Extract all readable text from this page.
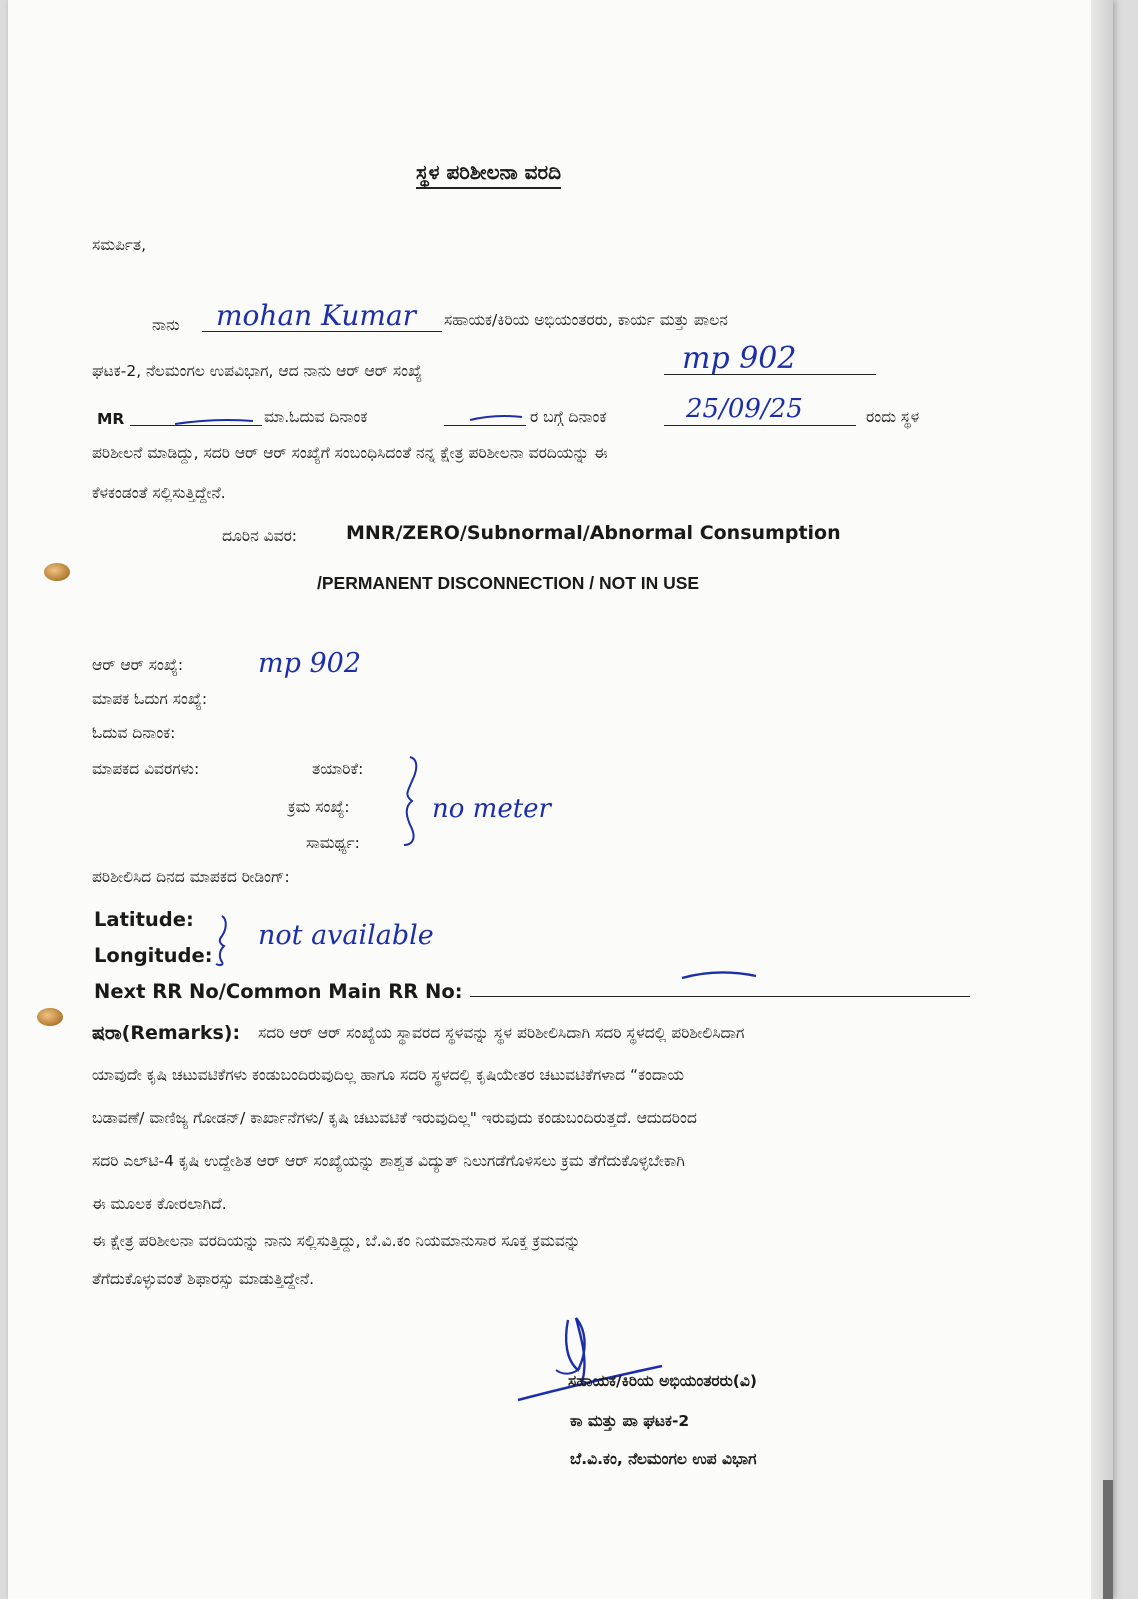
ಸ್ಥಳ ಪರಿಶೀಲನಾ ವರದಿ
ಸಮರ್ಪಿತ,
ನಾನು mohan Kumar ಸಹಾಯಕ/ಕಿರಿಯ ಅಭಿಯಂತರರು, ಕಾರ್ಯ ಮತ್ತು ಪಾಲನ
ಘಟಕ-2, ನೆಲಮಂಗಲ ಉಪವಿಭಾಗ, ಆದ ನಾನು ಆರ್ ಆರ್ ಸಂಖ್ಯೆ	mp 902
MR	ಮಾ.ಓದುವ ದಿನಾಂಕ	ರ ಬಗ್ಗೆ ದಿನಾಂಕ	25/09/25	ರಂದು ಸ್ಥಳ
ಪರಿಶೀಲನೆ ಮಾಡಿದ್ದು, ಸದರಿ ಆರ್ ಆರ್ ಸಂಖ್ಯೆಗೆ ಸಂಬಂಧಿಸಿದಂತೆ ನನ್ನ ಕ್ಷೇತ್ರ ಪರಿಶೀಲನಾ ವರದಿಯನ್ನು ಈ
ಕೆಳಕಂಡಂತೆ ಸಲ್ಲಿಸುತ್ತಿದ್ದೇನೆ.
ದೂರಿನ ವಿವರ:	MNR/ZERO/Subnormal/Abnormal Consumption
/PERMANENT DISCONNECTION / NOT IN USE
ಆರ್ ಆರ್ ಸಂಖ್ಯೆ:	mp 902
ಮಾಪಕ ಓದುಗ ಸಂಖ್ಯೆ:
ಓದುವ ದಿನಾಂಕ:
ಮಾಪಕದ ವಿವರಗಳು:	ತಯಾರಿಕೆ:
ಕ್ರಮ ಸಂಖ್ಯೆ:
ಸಾಮರ್ಥ್ಯ:
no meter
ಪರಿಶೀಲಿಸಿದ ದಿನದ ಮಾಪಕದ ರೀಡಿಂಗ್:
Latitude:
Longitude:
not available
Next RR No/Common Main RR No:
ಷರಾ(Remarks): ಸದರಿ ಆರ್ ಆರ್ ಸಂಖ್ಯೆಯ ಸ್ಥಾವರದ ಸ್ಥಳವನ್ನು ಸ್ಥಳ ಪರಿಶೀಲಿಸಿದಾಗಿ ಸದರಿ ಸ್ಥಳದಲ್ಲಿ ಪರಿಶೀಲಿಸಿದಾಗ
ಯಾವುದೇ ಕೃಷಿ ಚಟುವಟಿಕೆಗಳು ಕಂಡುಬಂದಿರುವುದಿಲ್ಲ ಹಾಗೂ ಸದರಿ ಸ್ಥಳದಲ್ಲಿ ಕೃಷಿಯೇತರ ಚಟುವಟಿಕೆಗಳಾದ “ಕಂದಾಯ
ಬಡಾವಣೆ/ ವಾಣಿಜ್ಯ ಗೋಡನ್/ ಕಾರ್ಖಾನೆಗಳು/ ಕೃಷಿ ಚಟುವಟಿಕೆ ಇರುವುದಿಲ್ಲ" ಇರುವುದು ಕಂಡುಬಂದಿರುತ್ತದೆ. ಆದುದರಿಂದ
ಸದರಿ ಎಲ್‌ಟಿ-4 ಕೃಷಿ ಉದ್ದೇಶಿತ ಆರ್ ಆರ್ ಸಂಖ್ಯೆಯನ್ನು ಶಾಶ್ವತ ವಿದ್ಯುತ್ ನಿಲುಗಡೆಗೊಳಿಸಲು ಕ್ರಮ ತೆಗೆದುಕೊಳ್ಳಬೇಕಾಗಿ
ಈ ಮೂಲಕ ಕೋರಲಾಗಿದೆ.
ಈ ಕ್ಷೇತ್ರ ಪರಿಶೀಲನಾ ವರದಿಯನ್ನು ನಾನು ಸಲ್ಲಿಸುತ್ತಿದ್ದು, ಬೆ.ವಿ.ಕಂ ನಿಯಮಾನುಸಾರ ಸೂಕ್ತ ಕ್ರಮವನ್ನು
ತೆಗೆದುಕೊಳ್ಳುವಂತೆ ಶಿಫಾರಸ್ಸು ಮಾಡುತ್ತಿದ್ದೇನೆ.
ಸಹಾಯಕ/ಕಿರಿಯ ಅಭಿಯಂತರರು(ವಿ)
ಕಾ ಮತ್ತು ಪಾ ಘಟಕ-2
ಬೆ.ವಿ.ಕಂ, ನೆಲಮಂಗಲ ಉಪ ವಿಭಾಗ
